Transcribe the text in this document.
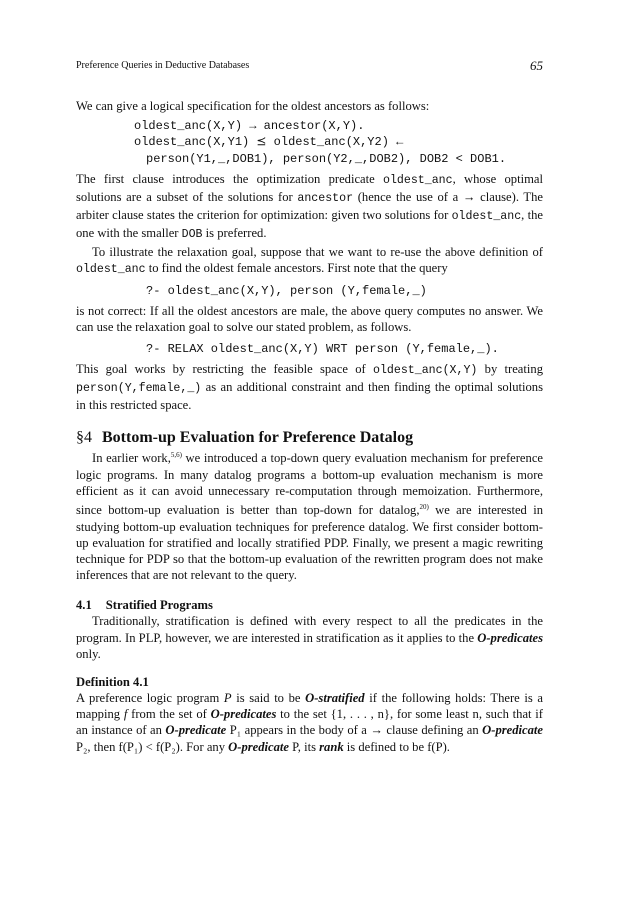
Preference Queries in Deductive Databases	65

We can give a logical specification for the oldest ancestors as follows:

oldest_anc(X,Y) → ancestor(X,Y).
oldest_anc(X,Y1) ⪯ oldest_anc(X,Y2) ←
person(Y1,_,DOB1), person(Y2,_,DOB2), DOB2 < DOB1.

The first clause introduces the optimization predicate oldest_anc, whose optimal solutions are a subset of the solutions for ancestor (hence the use of a → clause). The arbiter clause states the criterion for optimization: given two solutions for oldest_anc, the one with the smaller DOB is preferred.

To illustrate the relaxation goal, suppose that we want to re-use the above definition of oldest_anc to find the oldest female ancestors. First note that the query

?- oldest_anc(X,Y), person (Y,female,_)

is not correct: If all the oldest ancestors are male, the above query computes no answer. We can use the relaxation goal to solve our stated problem, as follows.

?- RELAX oldest_anc(X,Y) WRT person (Y,female,_).

This goal works by restricting the feasible space of oldest_anc(X,Y) by treating person(Y,female,_) as an additional constraint and then finding the optimal solutions in this restricted space.

§4 Bottom-up Evaluation for Preference Datalog

In earlier work,$^{5,6)}$ we introduced a top-down query evaluation mechanism for preference logic programs. In many datalog programs a bottom-up evaluation mechanism is more efficient as it can avoid unnecessary re-computation through memoization. Furthermore, since bottom-up evaluation is better than top-down for datalog,$^{20)}$ we are interested in studying bottom-up evaluation techniques for preference datalog. We first consider bottom-up evaluation for stratified and locally stratified PDP. Finally, we present a magic rewriting technique for PDP so that the bottom-up evaluation of the rewritten program does not make inferences that are not relevant to the query.

4.1 Stratified Programs

Traditionally, stratification is defined with every respect to all the predicates in the program. In PLP, however, we are interested in stratification as it applies to the O-predicates only.

Definition 4.1

A preference logic program P is said to be O-stratified if the following holds: There is a mapping f from the set of O-predicates to the set {1, . . . , n}, for some least n, such that if an instance of an O-predicate P₁ appears in the body of a → clause defining an O-predicate P₂, then f(P₁) < f(P₂). For any O-predicate P, its rank is defined to be f(P).
